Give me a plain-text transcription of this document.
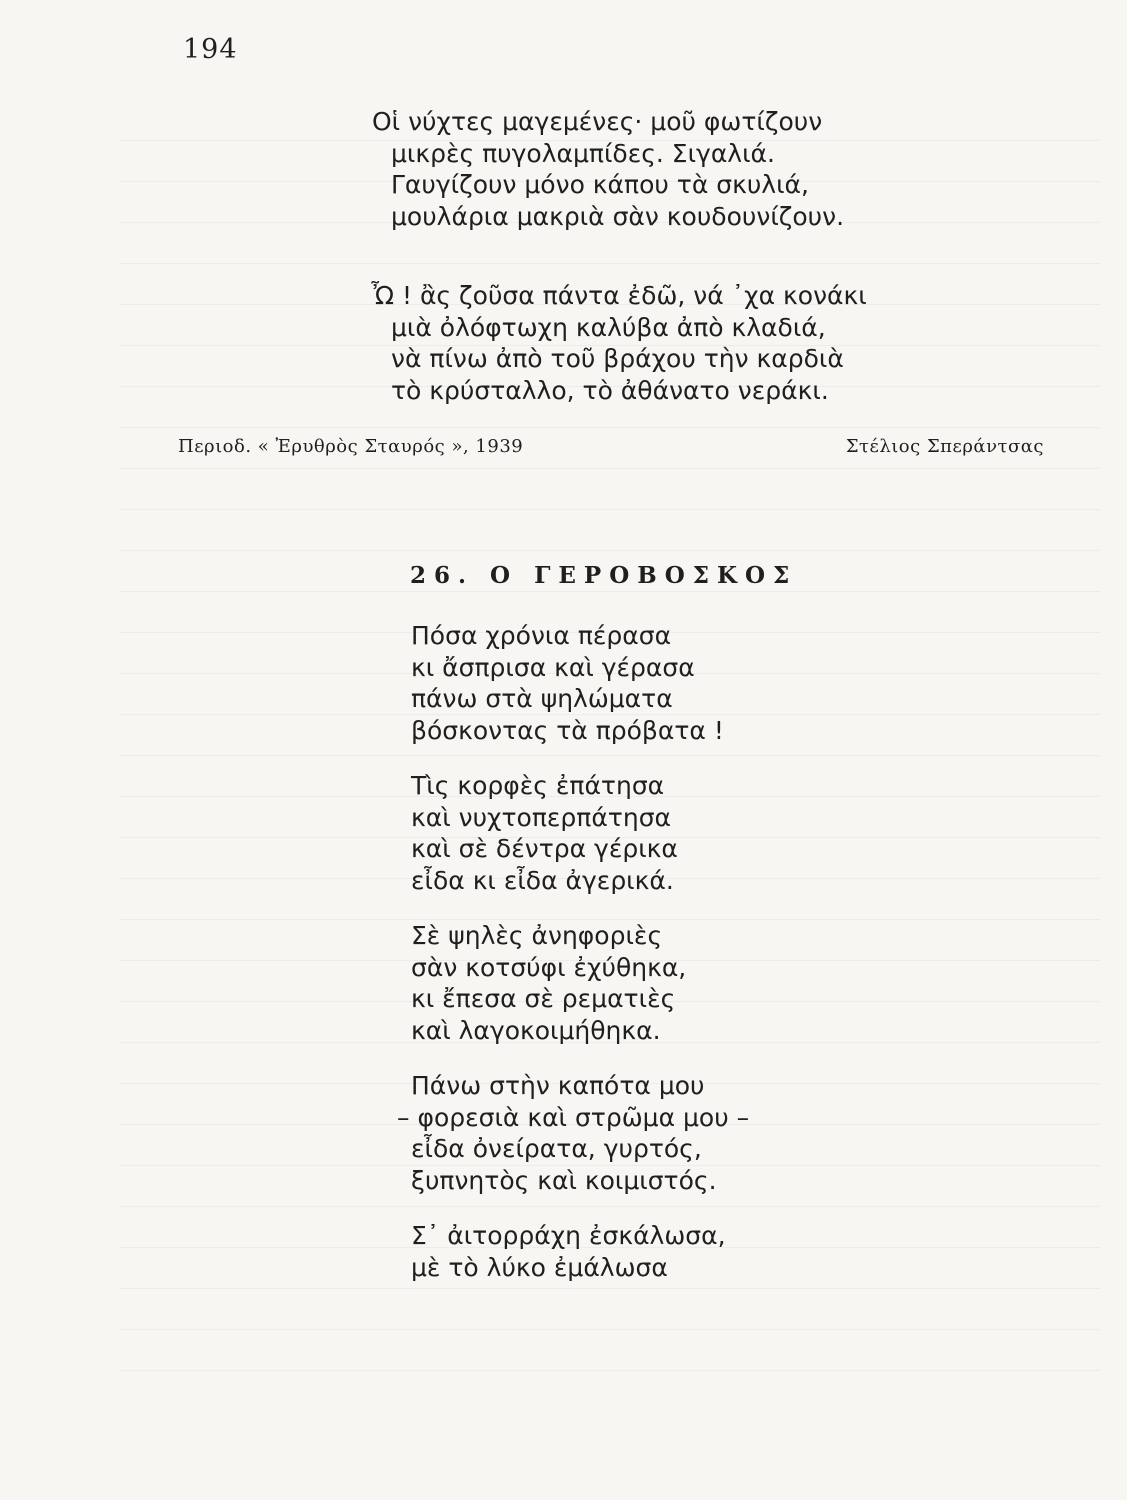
194
Οἱ νύχτες μαγεμένες· μοῦ φωτίζουν
μικρὲς πυγολαμπίδες. Σιγαλιά.
Γαυγίζουν μόνο κάπου τὰ σκυλιά,
μουλάρια μακριὰ σὰν κουδουνίζουν.
Ὦ ! ἂς ζοῦσα πάντα ἐδῶ, νά ᾿χα κονάκι
μιὰ ὀλόφτωχη καλύβα ἀπὸ κλαδιά,
νὰ πίνω ἀπὸ τοῦ βράχου τὴν καρδιὰ
τὸ κρύσταλλο, τὸ ἀθάνατο νεράκι.
Περιοδ. « Ἐρυθρὸς Σταυρός », 1939	Στέλιος Σπεράντσας
26. Ο ΓΕΡΟΒΟΣΚΟΣ
Πόσα χρόνια πέρασα
κι ἄσπρισα καὶ γέρασα
πάνω στὰ ψηλώματα
βόσκοντας τὰ πρόβατα !
Τὶς κορφὲς ἐπάτησα
καὶ νυχτοπερπάτησα
καὶ σὲ δέντρα γέρικα
εἶδα κι εἶδα ἀγερικά.
Σὲ ψηλὲς ἀνηφοριὲς
σὰν κοτσύφι ἐχύθηκα,
κι ἔπεσα σὲ ρεματιὲς
καὶ λαγοκοιμήθηκα.
Πάνω στὴν καπότα μου
– φορεσιὰ καὶ στρῶμα μου –
εἶδα ὀνείρατα, γυρτός,
ξυπνητὸς καὶ κοιμιστός.
Σ᾿ ἀιτορράχη ἐσκάλωσα,
μὲ τὸ λύκο ἐμάλωσα
